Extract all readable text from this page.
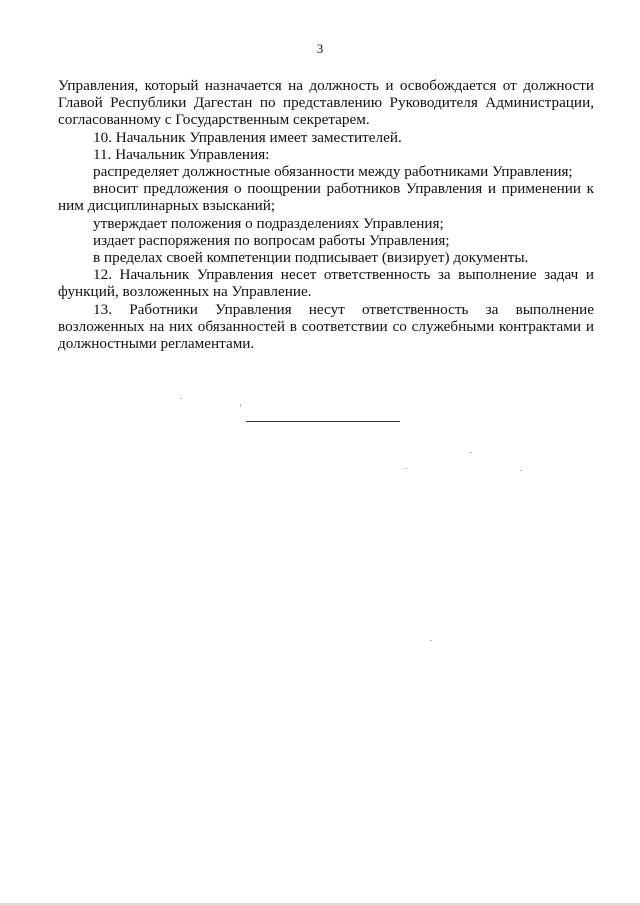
3

Управления, который назначается на должность и освобождается от должности Главой Республики Дагестан по представлению Руководителя Администрации, согласованному с Государственным секретарем.

10. Начальник Управления имеет заместителей.

11. Начальник Управления:

распределяет должностные обязанности между работниками Управления;

вносит предложения о поощрении работников Управления и применении к ним дисциплинарных взысканий;

утверждает положения о подразделениях Управления;

издает распоряжения по вопросам работы Управления;

в пределах своей компетенции подписывает (визирует) документы.

12. Начальник Управления несет ответственность за выполнение задач и функций, возложенных на Управление.

13. Работники Управления несут ответственность за выполнение возложенных на них обязанностей в соответствии со служебными контрактами и должностными регламентами.
